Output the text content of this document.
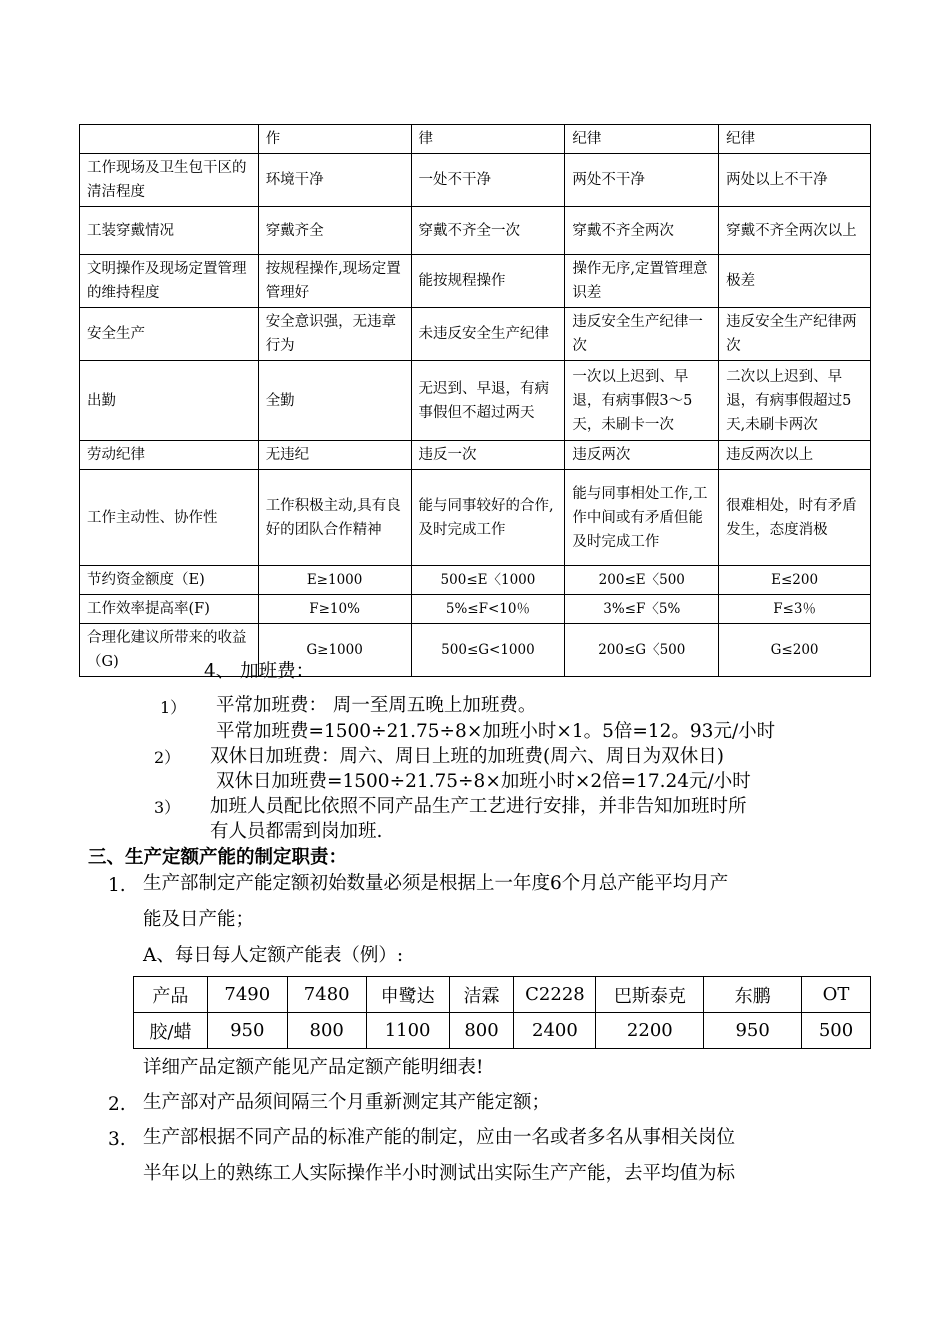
	作	律	纪律	纪律
工作现场及卫生包干区的清洁程度	环境干净	一处不干净	两处不干净	两处以上不干净
工装穿戴情况	穿戴齐全	穿戴不齐全一次	穿戴不齐全两次	穿戴不齐全两次以上
文明操作及现场定置管理的维持程度	按规程操作,现场定置管理好	能按规程操作	操作无序,定置管理意识差	极差
安全生产	安全意识强，无违章行为	未违反安全生产纪律	违反安全生产纪律一次	违反安全生产纪律两次
出勤	全勤	无迟到、早退，有病事假但不超过两天	一次以上迟到、早退，有病事假3～5天，未刷卡一次	二次以上迟到、早退，有病事假超过5天,未刷卡两次
劳动纪律	无违纪	违反一次	违反两次	违反两次以上
工作主动性、协作性	工作积极主动,具有良好的团队合作精神	能与同事较好的合作,及时完成工作	能与同事相处工作,工作中间或有矛盾但能及时完成工作	很难相处，时有矛盾发生，态度消极
节约资金额度（E)	E≥1000	500≤E〈1000	200≤E〈500	E≤200
工作效率提高率(F)	F≥10%	5%≤F<10％	3%≤F〈5%	F≤3％
合理化建议所带来的收益（G)	G≥1000	500≤G<1000	200≤G〈500	G≤200
4、 加班费：
1） 平常加班费： 周一至周五晚上加班费。
平常加班费=1500÷21.75÷8×加班小时×1。5倍=12。93元/小时
2） 双休日加班费：周六、周日上班的加班费(周六、周日为双休日)
双休日加班费=1500÷21.75÷8×加班小时×2倍=17.24元/小时
3） 加班人员配比依照不同产品生产工艺进行安排，并非告知加班时所
有人员都需到岗加班.
三、生产定额产能的制定职责：
1. 生产部制定产能定额初始数量必须是根据上一年度6个月总产能平均月产
能及日产能；
A、每日每人定额产能表（例）:
产品	7490	7480	申鹭达	洁霖	C2228	巴斯泰克	东鹏	OT
胶/蜡	950	800	1100	800	2400	2200	950	500
详细产品定额产能见产品定额产能明细表!
2. 生产部对产品须间隔三个月重新测定其产能定额；
3. 生产部根据不同产品的标准产能的制定，应由一名或者多名从事相关岗位
半年以上的熟练工人实际操作半小时测试出实际生产产能，去平均值为标
